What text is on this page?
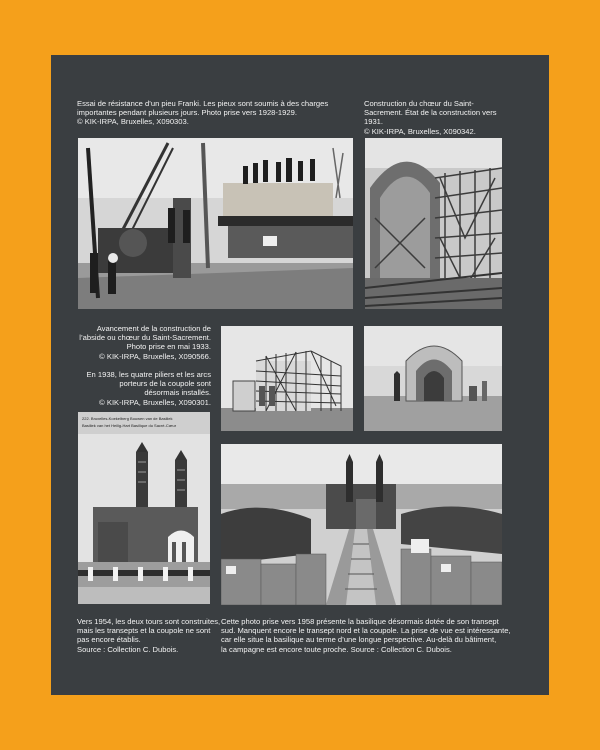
Essai de résistance d’un pieu Franki. Les pieux sont soumis à des charges
importantes pendant plusieurs jours. Photo prise vers 1928-1929.
© KIK-IRPA, Bruxelles, X090303.

Construction du chœur du Saint-
Sacrement. État de la construction vers 1931.
© KIK-IRPA, Bruxelles, X090342.

Avancement de la construction de
l’abside ou chœur du Saint-Sacrement.
Photo prise en mai 1933.
© KIK-IRPA, Bruxelles, X090566.

En 1938, les quatre piliers et les arcs
porteurs de la coupole sont
désormais installés.
© KIK-IRPA, Bruxelles, X090301.

Vers 1954, les deux tours sont construites,
mais les transepts et la coupole ne sont
pas encore établis.
Source : Collection C. Dubois.

Cette photo prise vers 1958 présente la basilique désormais dotée de son transept
sud. Manquent encore le transept nord et la coupole. La prise de vue est intéressante,
car elle situe la basilique au terme d’une longue perspective. Au-delà du bâtiment,
la campagne est encore toute proche. Source : Collection C. Dubois.

222. Bruxelles-Koekelberg Bouwen van de Basiliek
Basiliek van het Heilig-Hart Basilique du Sacré-Cœur
